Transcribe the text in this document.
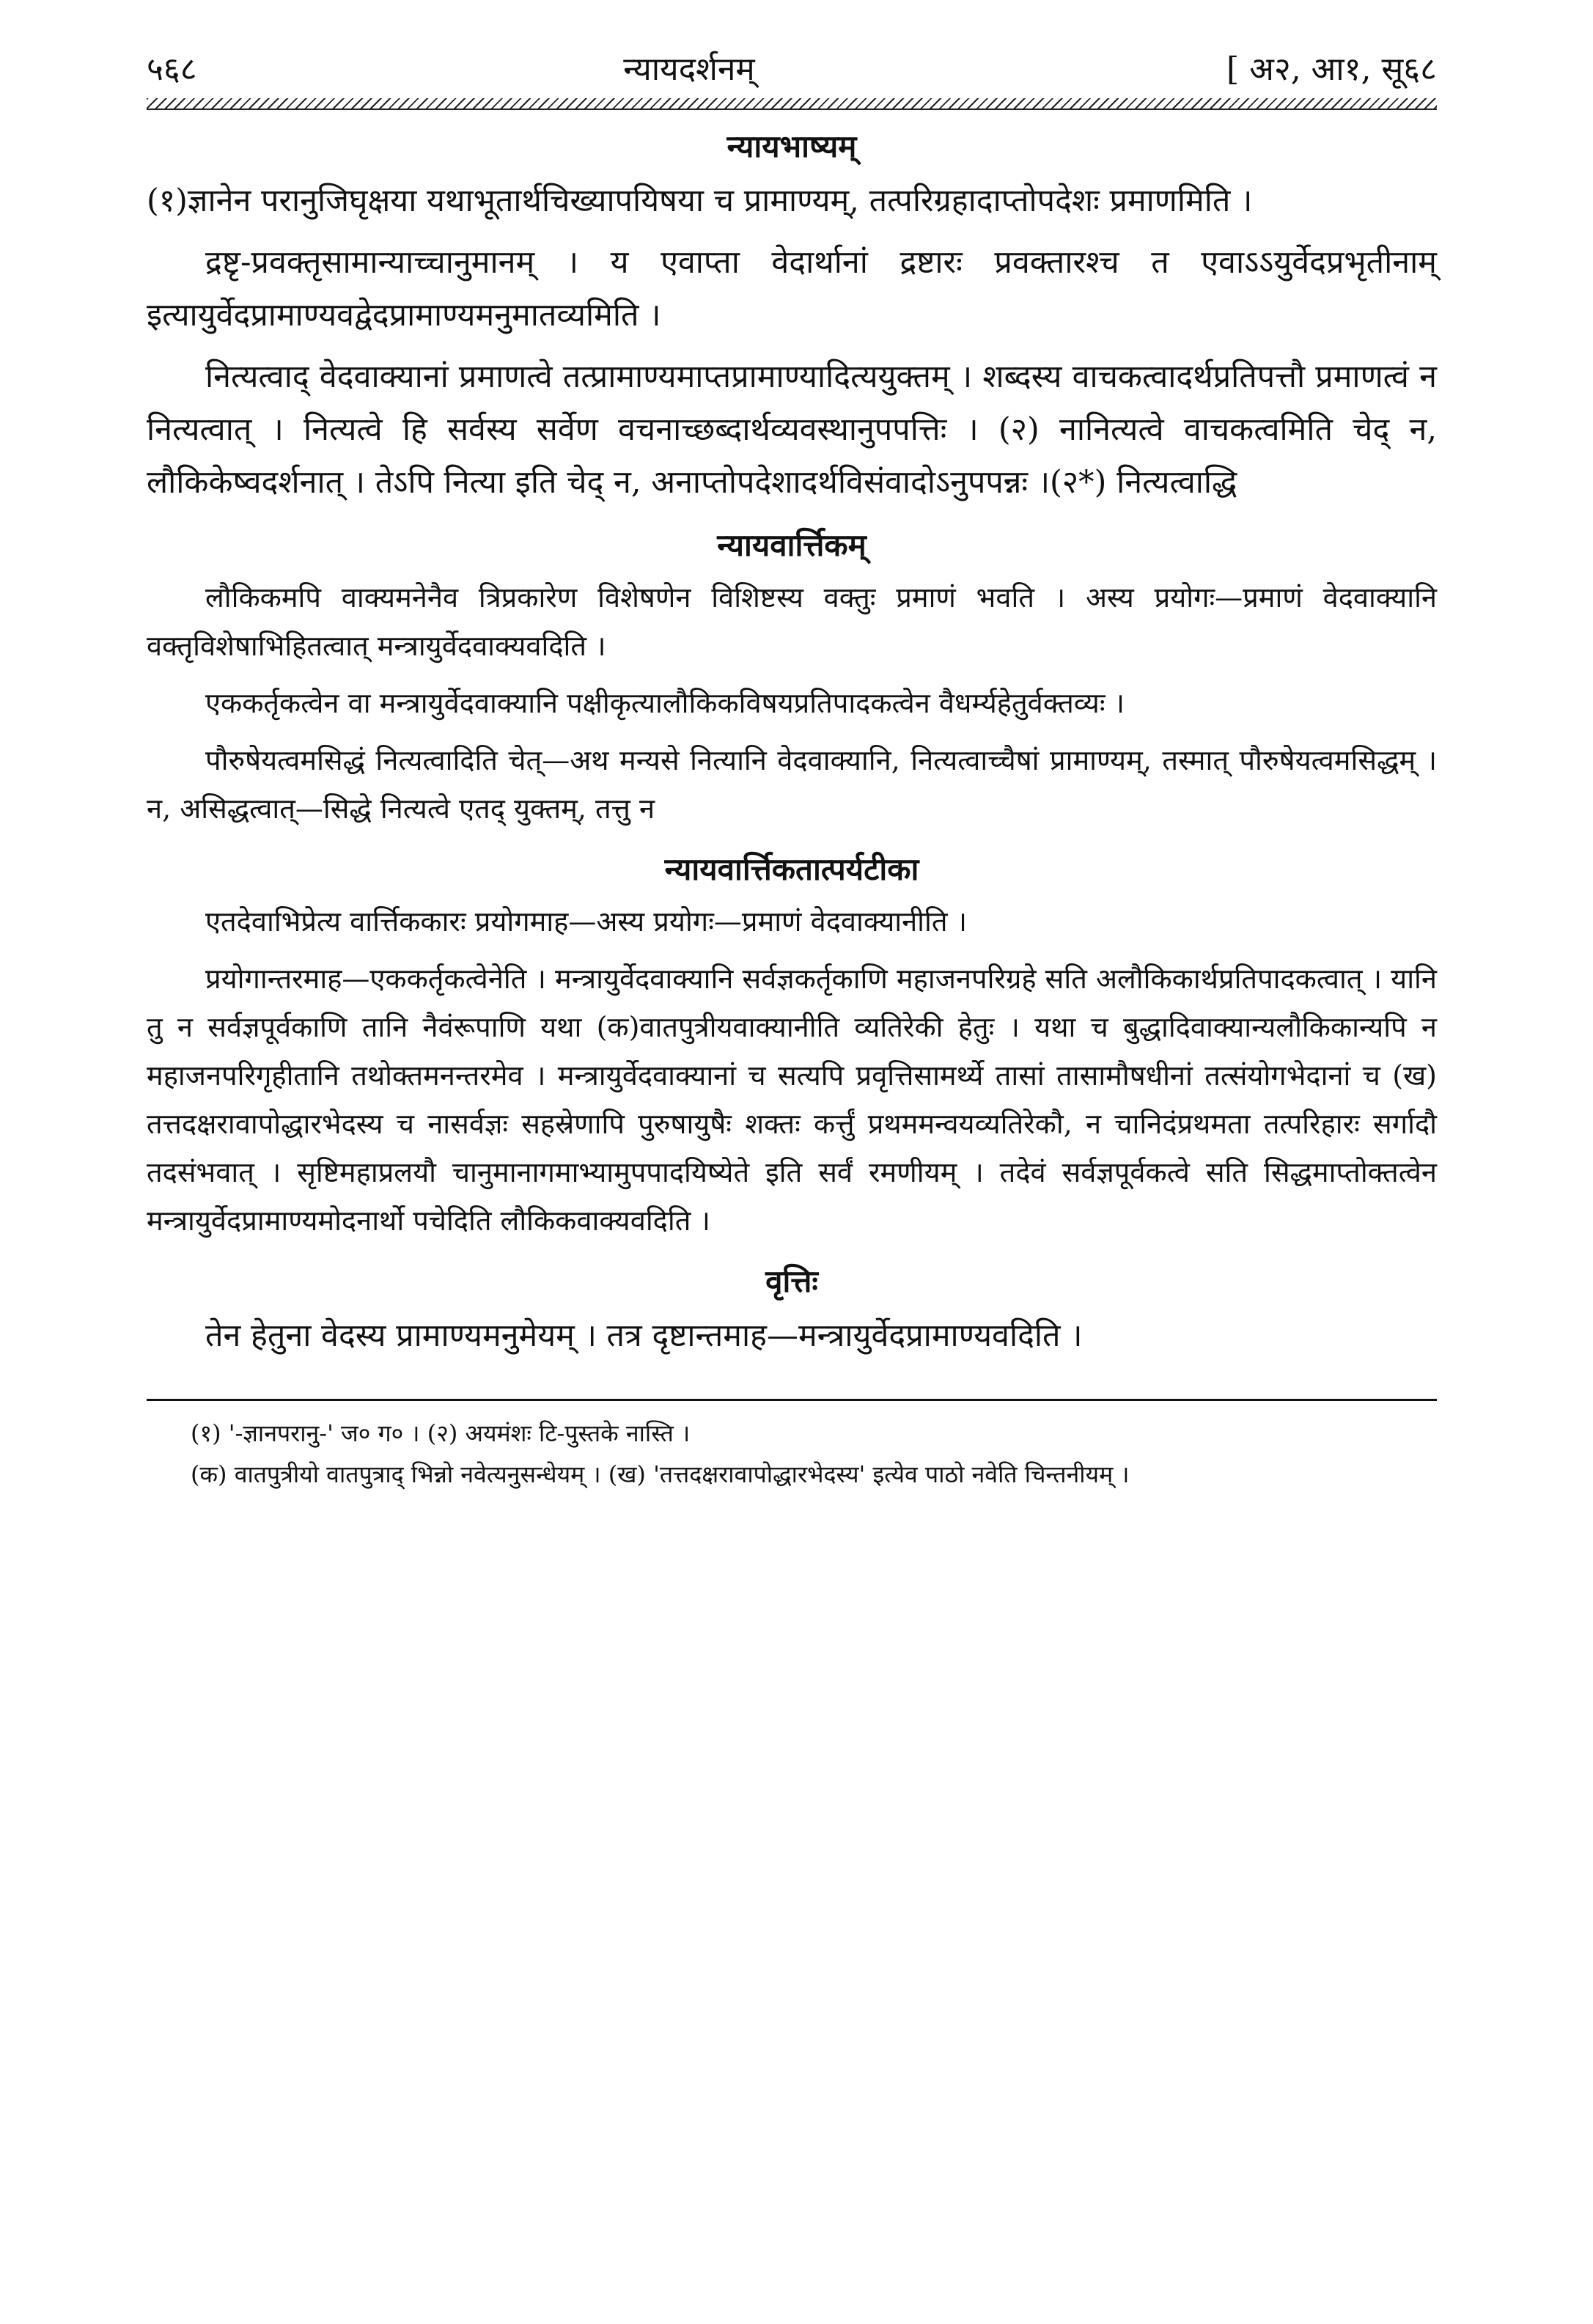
५६८	न्यायदर्शनम्	[ अ२, आ१, सू६८
न्यायभाष्यम्

(१)ज्ञानेन परानुजिघृक्षया यथाभूतार्थचिख्यापयिषया च प्रामाण्यम्, तत्परिग्रहादाप्तोपदेशः प्रमाणमिति ।

द्रष्टृ-प्रवक्तृसामान्याच्चानुमानम् । य एवाप्ता वेदार्थानां द्रष्टारः प्रवक्तारश्च त एवाऽऽयुर्वेदप्रभृतीनाम् इत्यायुर्वेदप्रामाण्यवद्वेदप्रामाण्यमनुमातव्यमिति ।

नित्यत्वाद् वेदवाक्यानां प्रमाणत्वे तत्प्रामाण्यमाप्तप्रामाण्यादित्ययुक्तम् । शब्दस्य वाचकत्वादर्थप्रतिपत्तौ प्रमाणत्वं न नित्यत्वात् । नित्यत्वे हि सर्वस्य सर्वेण वचनाच्छब्दार्थव्यवस्थानुपपत्तिः । (२) नानित्यत्वे वाचकत्वमिति चेद् न, लौकिकेष्वदर्शनात् । तेऽपि नित्या इति चेद् न, अनाप्तोपदेशादर्थविसंवादोऽनुपपन्नः ।(२*) नित्यत्वाद्धि

न्यायवार्त्तिकम्

लौकिकमपि वाक्यमनेनैव त्रिप्रकारेण विशेषणेन विशिष्टस्य वक्तुः प्रमाणं भवति । अस्य प्रयोगः—प्रमाणं वेदवाक्यानि वक्तृविशेषाभिहितत्वात् मन्त्रायुर्वेदवाक्यवदिति ।

एककर्तृकत्वेन वा मन्त्रायुर्वेदवाक्यानि पक्षीकृत्यालौकिकविषयप्रतिपादकत्वेन वैधर्म्यहेतुर्वक्तव्यः ।

पौरुषेयत्वमसिद्धं नित्यत्वादिति चेत्—अथ मन्यसे नित्यानि वेदवाक्यानि, नित्यत्वाच्चैषां प्रामाण्यम्, तस्मात् पौरुषेयत्वमसिद्धम् । न, असिद्धत्वात्—सिद्धे नित्यत्वे एतद् युक्तम्, तत्तु न

न्यायवार्त्तिकतात्पर्यटीका

एतदेवाभिप्रेत्य वार्त्तिककारः प्रयोगमाह—अस्य प्रयोगः—प्रमाणं वेदवाक्यानीति ।

प्रयोगान्तरमाह—एककर्तृकत्वेनेति । मन्त्रायुर्वेदवाक्यानि सर्वज्ञकर्तृकाणि महाजनपरिग्रहे सति अलौकिकार्थप्रतिपादकत्वात् । यानि तु न सर्वज्ञपूर्वकाणि तानि नैवंरूपाणि यथा (क)वातपुत्रीयवाक्यानीति व्यतिरेकी हेतुः । यथा च बुद्धादिवाक्यान्यलौकिकान्यपि न महाजनपरिगृहीतानि तथोक्तमनन्तरमेव । मन्त्रायुर्वेदवाक्यानां च सत्यपि प्रवृत्तिसामर्थ्ये तासां तासामौषधीनां तत्संयोगभेदानां च (ख) तत्तदक्षरावापोद्धारभेदस्य च नासर्वज्ञः सहस्रेणापि पुरुषायुषैः शक्तः कर्त्तुं प्रथममन्वयव्यतिरेकौ, न चानिदंप्रथमता तत्परिहारः सर्गादौ तदसंभवात् । सृष्टिमहाप्रलयौ चानुमानागमाभ्यामुपपादयिष्येते इति सर्वं रमणीयम् । तदेवं सर्वज्ञपूर्वकत्वे सति सिद्धमाप्तोक्तत्वेन मन्त्रायुर्वेदप्रामाण्यमोदनार्थो पचेदिति लौकिकवाक्यवदिति ।

वृत्तिः

तेन हेतुना वेदस्य प्रामाण्यमनुमेयम् । तत्र दृष्टान्तमाह—मन्त्रायुर्वेदप्रामाण्यवदिति ।

(१) '-ज्ञानपरानु-' ज० ग० । (२) अयमंशः टि-पुस्तके नास्ति ।

(क) वातपुत्रीयो वातपुत्राद् भिन्नो नवेत्यनुसन्धेयम् । (ख) 'तत्तदक्षरावापोद्धारभेदस्य' इत्येव पाठो नवेति चिन्तनीयम् ।
